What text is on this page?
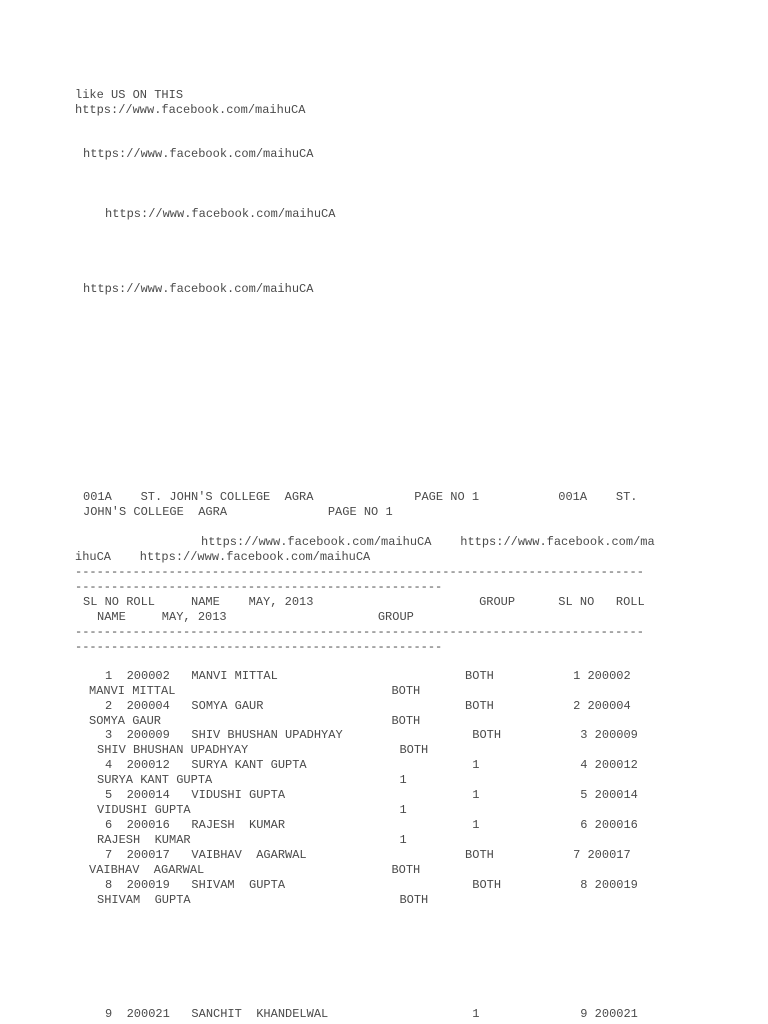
like US ON THIS
https://www.facebook.com/maihuCA
https://www.facebook.com/maihuCA
https://www.facebook.com/maihuCA
https://www.facebook.com/maihuCA
001A    ST. JOHN'S COLLEGE  AGRA              PAGE NO 1           001A    ST.
JOHN'S COLLEGE  AGRA              PAGE NO 1
https://www.facebook.com/maihuCA    https://www.facebook.com/ma
ihuCA    https://www.facebook.com/maihuCA
-------------------------------------------------------------------------------
---------------------------------------------------
SL NO ROLL     NAME    MAY, 2013                       GROUP      SL NO   ROLL
NAME     MAY, 2013                     GROUP
-------------------------------------------------------------------------------
---------------------------------------------------
1  200002   MANVI MITTAL                          BOTH           1 200002
MANVI MITTAL                              BOTH
2  200004   SOMYA GAUR                            BOTH           2 200004
SOMYA GAUR                                BOTH
3  200009   SHIV BHUSHAN UPADHYAY                  BOTH           3 200009
SHIV BHUSHAN UPADHYAY                     BOTH
4  200012   SURYA KANT GUPTA                       1              4 200012
SURYA KANT GUPTA                          1
5  200014   VIDUSHI GUPTA                          1              5 200014
VIDUSHI GUPTA                             1
6  200016   RAJESH  KUMAR                          1              6 200016
RAJESH  KUMAR                             1
7  200017   VAIBHAV  AGARWAL                      BOTH           7 200017
VAIBHAV  AGARWAL                          BOTH
8  200019   SHIVAM  GUPTA                          BOTH           8 200019
SHIVAM  GUPTA                             BOTH
9  200021   SANCHIT  KHANDELWAL                    1              9 200021
